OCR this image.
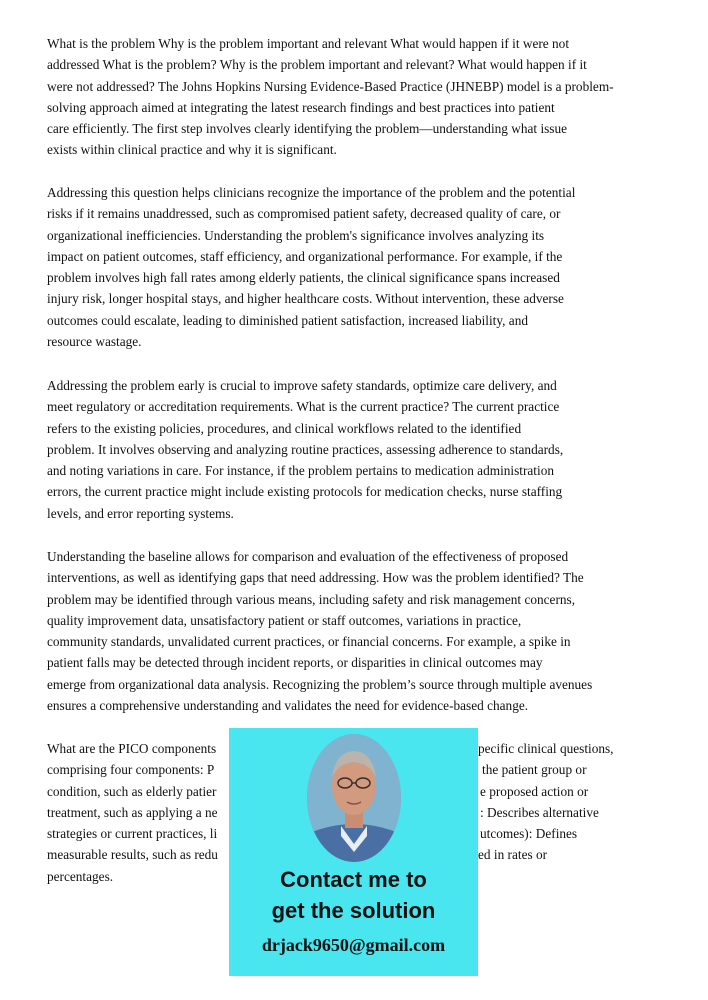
What is the problem Why is the problem important and relevant What would happen if it were not
addressed What is the problem? Why is the problem important and relevant? What would happen if it
were not addressed? The Johns Hopkins Nursing Evidence-Based Practice (JHNEBP) model is a problem-
solving approach aimed at integrating the latest research findings and best practices into patient
care efficiently. The first step involves clearly identifying the problem—understanding what issue
exists within clinical practice and why it is significant.
Addressing this question helps clinicians recognize the importance of the problem and the potential
risks if it remains unaddressed, such as compromised patient safety, decreased quality of care, or
organizational inefficiencies. Understanding the problem's significance involves analyzing its
impact on patient outcomes, staff efficiency, and organizational performance. For example, if the
problem involves high fall rates among elderly patients, the clinical significance spans increased
injury risk, longer hospital stays, and higher healthcare costs. Without intervention, these adverse
outcomes could escalate, leading to diminished patient satisfaction, increased liability, and
resource wastage.
Addressing the problem early is crucial to improve safety standards, optimize care delivery, and
meet regulatory or accreditation requirements. What is the current practice? The current practice
refers to the existing policies, procedures, and clinical workflows related to the identified
problem. It involves observing and analyzing routine practices, assessing adherence to standards,
and noting variations in care. For instance, if the problem pertains to medication administration
errors, the current practice might include existing protocols for medication checks, nurse staffing
levels, and error reporting systems.
Understanding the baseline allows for comparison and evaluation of the effectiveness of proposed
interventions, as well as identifying gaps that need addressing. How was the problem identified? The
problem may be identified through various means, including safety and risk management concerns,
quality improvement data, unsatisfactory patient or staff outcomes, variations in practice,
community standards, unvalidated current practices, or financial concerns. For example, a spike in
patient falls may be detected through incident reports, or disparities in clinical outcomes may
emerge from organizational data analysis. Recognizing the problem’s source through multiple avenues
ensures a comprehensive understanding and validates the need for evidence-based change.
What are the PICO components
comprising four components: P
condition, such as elderly patier
treatment, such as applying a ne
strategies or current practices, li
measurable results, such as redu
percentages.
pecific clinical questions,
the patient group or
e proposed action or
: Describes alternative
utcomes): Defines
ed in rates or

Contact me to

get the solution

drjack9650@gmail.com
